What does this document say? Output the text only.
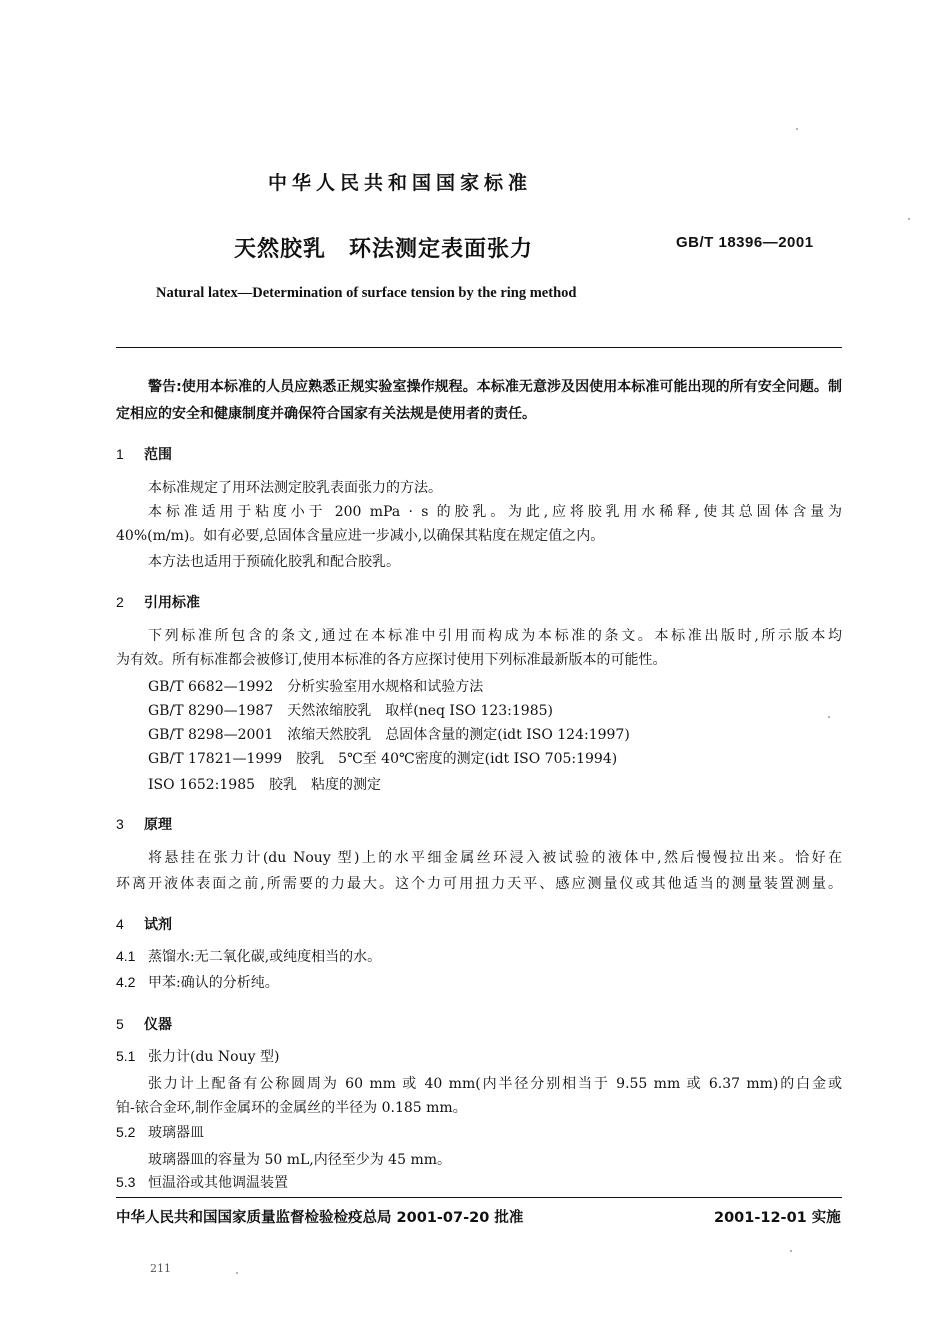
中华人民共和国国家标准
天然胶乳　环法测定表面张力	GB/T 18396—2001
Natural latex—Determination of surface tension by the ring method
警告:使用本标准的人员应熟悉正规实验室操作规程。本标准无意涉及因使用本标准可能出现的所有安全问题。制定相应的安全和健康制度并确保符合国家有关法规是使用者的责任。
1 范围
本标准规定了用环法测定胶乳表面张力的方法。
本标准适用于粘度小于 200 mPa · s 的胶乳。为此,应将胶乳用水稀释,使其总固体含量为
40%(m/m)。如有必要,总固体含量应进一步减小,以确保其粘度在规定值之内。
本方法也适用于预硫化胶乳和配合胶乳。
2 引用标准
下列标准所包含的条文,通过在本标准中引用而构成为本标准的条文。本标准出版时,所示版本均
为有效。所有标准都会被修订,使用本标准的各方应探讨使用下列标准最新版本的可能性。
GB/T 6682—1992 分析实验室用水规格和试验方法
GB/T 8290—1987 天然浓缩胶乳　取样(neq ISO 123:1985)
GB/T 8298—2001 浓缩天然胶乳　总固体含量的测定(idt ISO 124:1997)
GB/T 17821—1999 胶乳　5℃至 40℃密度的测定(idt ISO 705:1994)
ISO 1652:1985 胶乳　粘度的测定
3 原理
将悬挂在张力计(du Nouy 型)上的水平细金属丝环浸入被试验的液体中,然后慢慢拉出来。恰好在
环离开液体表面之前,所需要的力最大。这个力可用扭力天平、感应测量仪或其他适当的测量装置测量。
4 试剂
4.1 蒸馏水:无二氧化碳,或纯度相当的水。
4.2 甲苯:确认的分析纯。
5 仪器
5.1 张力计(du Nouy 型)
张力计上配备有公称圆周为 60 mm 或 40 mm(内半径分别相当于 9.55 mm 或 6.37 mm)的白金或
铂-铱合金环,制作金属环的金属丝的半径为 0.185 mm。
5.2 玻璃器皿
玻璃器皿的容量为 50 mL,内径至少为 45 mm。
5.3 恒温浴或其他调温装置
中华人民共和国国家质量监督检验检疫总局 2001-07-20 批准	2001-12-01 实施
211
